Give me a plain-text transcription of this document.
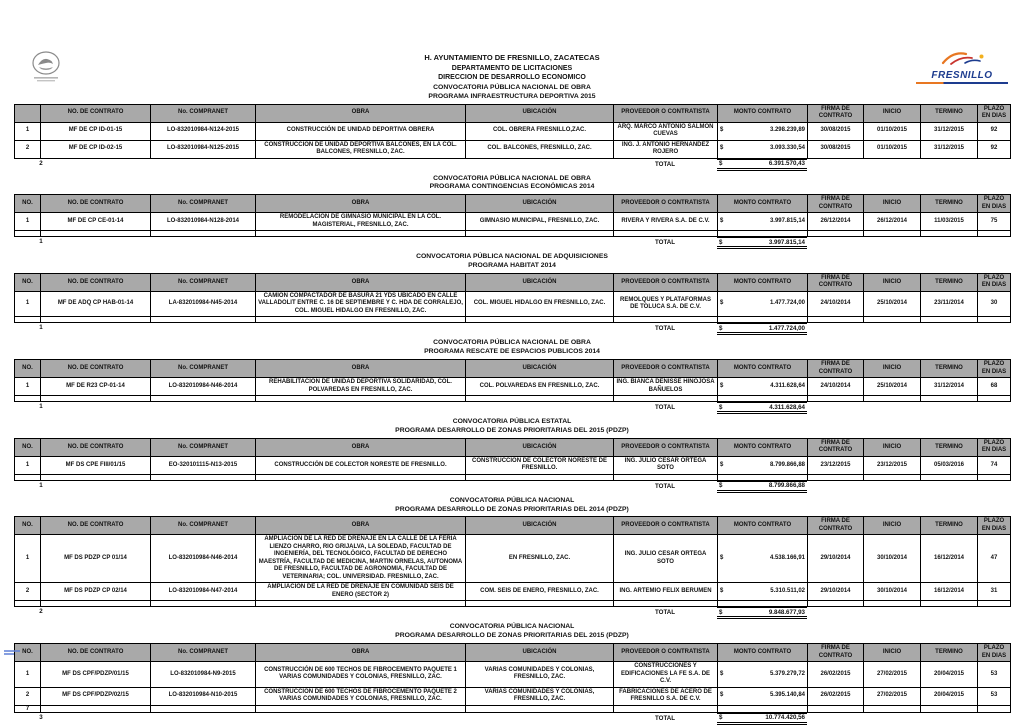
FRESNILLO
H. AYUNTAMIENTO DE FRESNILLO, ZACATECAS
DEPARTAMENTO DE LICITACIONES
DIRECCION DE DESARROLLO ECONOMICO
CONVOCATORIA PÚBLICA NACIONAL DE OBRA
PROGRAMA INFRAESTRUCTURA DEPORTIVA 2015
	NO. DE CONTRATO	No. COMPRANET	OBRA	UBICACIÓN	PROVEEDOR O CONTRATISTA	MONTO CONTRATO	FIRMA DE CONTRATO	INICIO	TERMINO	PLAZO EN DIAS
1	MF DE CP ID-01-15	LO-832010984-N124-2015	CONSTRUCCIÓN DE UNIDAD DEPORTIVA OBRERA	COL. OBRERA FRESNILLO,ZAC.	ARQ. MARCO ANTONIO SALMON CUEVAS	$ 3.298.239,89	30/08/2015	01/10/2015	31/12/2015	92
2	MF DE CP ID-02-15	LO-832010984-N125-2015	CONSTRUCCIÓN DE UNIDAD DEPORTIVA BALCONES, EN LA COL. BALCONES, FRESNILLO, ZAC.	COL. BALCONES, FRESNILLO, ZAC.	ING. J. ANTONIO HERNANDEZ ROJERO	$ 3.093.330,54	30/08/2015	01/10/2015	31/12/2015	92
2	TOTAL	$	6.391.570,43
CONVOCATORIA PÚBLICA NACIONAL DE OBRA
PROGRAMA CONTINGENCIAS ECONÓMICAS 2014
NO.	NO. DE CONTRATO	No. COMPRANET	OBRA	UBICACIÓN	PROVEEDOR O CONTRATISTA	MONTO CONTRATO	FIRMA DE CONTRATO	INICIO	TERMINO	PLAZO EN DIAS
1	MF DE CP CE-01-14	LO-832010984-N128-2014	REMODELACION DE GIMNASIO MUNICIPAL EN LA COL. MAGISTERIAL, FRESNILLO, ZAC.	GIMNASIO MUNICIPAL, FRESNILLO, ZAC.	RIVERA Y RIVERA S.A. DE C.V.	$ 3.997.815,14	26/12/2014	26/12/2014	11/03/2015	75

1	TOTAL	$	3.997.815,14
CONVOCATORIA PÚBLICA NACIONAL DE ADQUISICIONES
PROGRAMA HABITAT 2014
NO.	NO. DE CONTRATO	No. COMPRANET	OBRA	UBICACIÓN	PROVEEDOR O CONTRATISTA	MONTO CONTRATO	FIRMA DE CONTRATO	INICIO	TERMINO	PLAZO EN DIAS
1	MF DE ADQ CP HAB-01-14	LA-832010984-N45-2014	CAMIÓN COMPACTADOR DE BASURA 21 YDS UBICADO EN CALLE VALLADOLIT ENTRE C. 16 DE SEPTIEMBRE Y C. HDA DE CORRALEJO, COL. MIGUEL HIDALGO EN FRESNILLO, ZAC.	COL. MIGUEL HIDALGO EN FRESNILLO, ZAC.	REMOLQUES Y PLATAFORMAS DE TOLUCA S.A. DE C.V.	$ 1.477.724,00	24/10/2014	25/10/2014	23/11/2014	30

1	TOTAL	$	1.477.724,00
CONVOCATORIA PÚBLICA NACIONAL DE OBRA
PROGRAMA RESCATE DE ESPACIOS PUBLICOS 2014
NO.	NO. DE CONTRATO	No. COMPRANET	OBRA	UBICACIÓN	PROVEEDOR O CONTRATISTA	MONTO CONTRATO	FIRMA DE CONTRATO	INICIO	TERMINO	PLAZO EN DIAS
1	MF DE R23 CP-01-14	LO-832010984-N46-2014	REHABILITACIÓN DE UNIDAD DEPORTIVA SOLIDARIDAD, COL. POLVAREDAS EN FRESNILLO, ZAC.	COL. POLVAREDAS EN FRESNILLO, ZAC.	ING. BIANCA DENISSE HINOJOSA BAÑUELOS	$ 4.311.628,64	24/10/2014	25/10/2014	31/12/2014	68

1	TOTAL	$	4.311.628,64
CONVOCATORIA PÚBLICA ESTATAL
PROGRAMA DESARROLLO DE ZONAS PRIORITARIAS DEL 2015 (PDZP)
NO.	NO. DE CONTRATO	No. COMPRANET	OBRA	UBICACIÓN	PROVEEDOR O CONTRATISTA	MONTO CONTRATO	FIRMA DE CONTRATO	INICIO	TERMINO	PLAZO EN DIAS
1	MF DS CPE FIII/01/15	EO-320101115-N13-2015	CONSTRUCCIÓN DE COLECTOR NORESTE DE FRESNILLO.	CONSTRUCCION DE COLECTOR NORESTE DE FRESNILLO.	ING. JULIO CESAR ORTEGA SOTO	$ 8.799.866,88	23/12/2015	23/12/2015	05/03/2016	74

1	TOTAL	$	8.799.866,88
CONVOCATORIA PÚBLICA NACIONAL
PROGRAMA DESARROLLO DE ZONAS PRIORITARIAS DEL 2014 (PDZP)
NO.	NO. DE CONTRATO	No. COMPRANET	OBRA	UBICACIÓN	PROVEEDOR O CONTRATISTA	MONTO CONTRATO	FIRMA DE CONTRATO	INICIO	TERMINO	PLAZO EN DIAS
1	MF DS PDZP CP 01/14	LO-832010984-N46-2014	AMPLIACION DE LA RED DE DRENAJE EN LA CALLE DE LA FERIA LIENZO CHARRO, RIO GRIJALVA, LA SOLEDAD, FACULTAD DE INGENIERÍA, DEL TECNOLÓGICO, FACULTAD DE DERECHO MAESTRÍA, FACULTAD DE MEDICINA, MARTIN ORNELAS, AUTONOMA DE FRESNILLO, FACULTAD DE AGRONOMIA, FACULTAD DE VETERINARIA; COL. UNIVERSIDAD. FRESNILLO, ZAC.	EN FRESNILLO, ZAC.	ING. JULIO CESAR ORTEGA SOTO	$ 4.538.166,91	29/10/2014	30/10/2014	16/12/2014	47
2	MF DS PDZP CP 02/14	LO-832010984-N47-2014	AMPLIACION DE LA RED DE DRENAJE EN COMUNIDAD SEIS DE ENERO (SECTOR 2)	COM. SEIS DE ENERO, FRESNILLO, ZAC.	ING. ARTEMIO FELIX BERUMEN	$ 5.310.511,02	29/10/2014	30/10/2014	16/12/2014	31

2	TOTAL	$	9.848.677,93
CONVOCATORIA PÚBLICA NACIONAL
PROGRAMA DESARROLLO DE ZONAS PRIORITARIAS DEL 2015 (PDZP)
NO.	NO. DE CONTRATO	No. COMPRANET	OBRA	UBICACIÓN	PROVEEDOR O CONTRATISTA	MONTO CONTRATO	FIRMA DE CONTRATO	INICIO	TERMINO	PLAZO EN DIAS
1	MF DS CPF/PDZP/01/15	LO-832010984-N9-2015	CONSTRUCCIÓN DE 600 TECHOS DE FIBROCEMENTO PAQUETE 1 VARIAS COMUNIDADES Y COLONIAS, FRESNILLO, ZAC.	VARIAS COMUNIDADES Y COLONIAS, FRESNILLO, ZAC.	CONSTRUCCIONES Y EDIFICACIONES LA FE S.A. DE C.V.	$ 5.379.279,72	26/02/2015	27/02/2015	20/04/2015	53
2	MF DS CPF/PDZP/02/15	LO-832010984-N10-2015	CONSTRUCCIÓN DE 600 TECHOS DE FIBROCEMENTO PAQUETE 2 VARIAS COMUNIDADES Y COLONIAS, FRESNILLO, ZAC.	VARIAS COMUNIDADES Y COLONIAS, FRESNILLO, ZAC.	FABRICACIONES DE ACERO DE FRESNILLO S.A. DE C.V.	$ 5.395.140,84	26/02/2015	27/02/2015	20/04/2015	53
7						

3	TOTAL	$	10.774.420,56
